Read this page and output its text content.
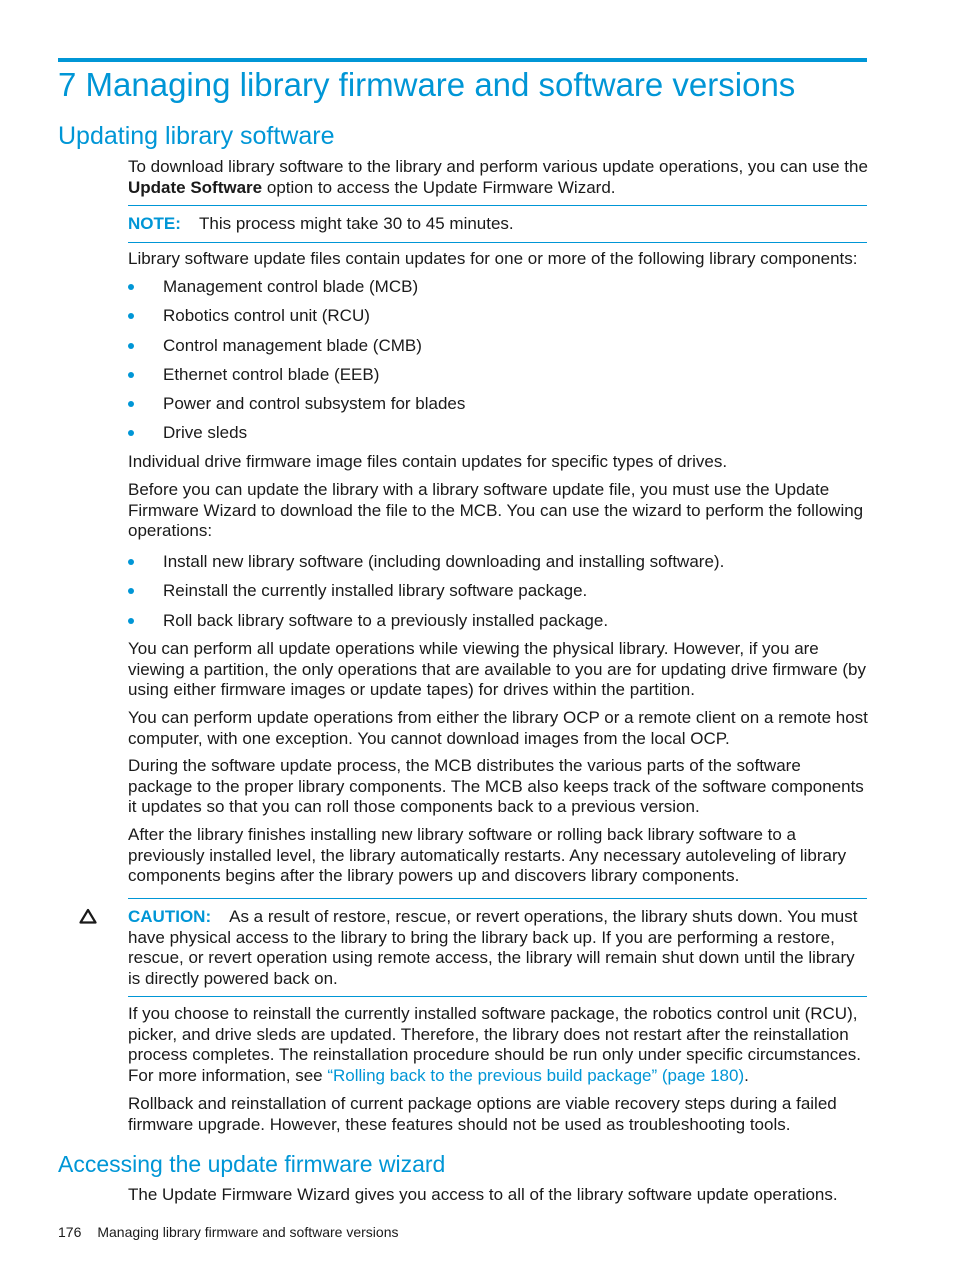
7 Managing library firmware and software versions
Updating library software

To download library software to the library and perform various update operations, you can use the Update Software option to access the Update Firmware Wizard.

NOTE: This process might take 30 to 45 minutes.

Library software update files contain updates for one or more of the following library components:

Management control blade (MCB)
Robotics control unit (RCU)
Control management blade (CMB)
Ethernet control blade (EEB)
Power and control subsystem for blades
Drive sleds

Individual drive firmware image files contain updates for specific types of drives.

Before you can update the library with a library software update file, you must use the Update Firmware Wizard to download the file to the MCB. You can use the wizard to perform the following operations:

Install new library software (including downloading and installing software).
Reinstall the currently installed library software package.
Roll back library software to a previously installed package.

You can perform all update operations while viewing the physical library. However, if you are viewing a partition, the only operations that are available to you are for updating drive firmware (by using either firmware images or update tapes) for drives within the partition.

You can perform update operations from either the library OCP or a remote client on a remote host computer, with one exception. You cannot download images from the local OCP.

During the software update process, the MCB distributes the various parts of the software package to the proper library components. The MCB also keeps track of the software components it updates so that you can roll those components back to a previous version.

After the library finishes installing new library software or rolling back library software to a previously installed level, the library automatically restarts. Any necessary autoleveling of library components begins after the library powers up and discovers library components.

CAUTION: As a result of restore, rescue, or revert operations, the library shuts down. You must have physical access to the library to bring the library back up. If you are performing a restore, rescue, or revert operation using remote access, the library will remain shut down until the library is directly powered back on.

If you choose to reinstall the currently installed software package, the robotics control unit (RCU), picker, and drive sleds are updated. Therefore, the library does not restart after the reinstallation process completes. The reinstallation procedure should be run only under specific circumstances. For more information, see “Rolling back to the previous build package” (page 180).

Rollback and reinstallation of current package options are viable recovery steps during a failed firmware upgrade. However, these features should not be used as troubleshooting tools.

Accessing the update firmware wizard

The Update Firmware Wizard gives you access to all of the library software update operations.

176 Managing library firmware and software versions
